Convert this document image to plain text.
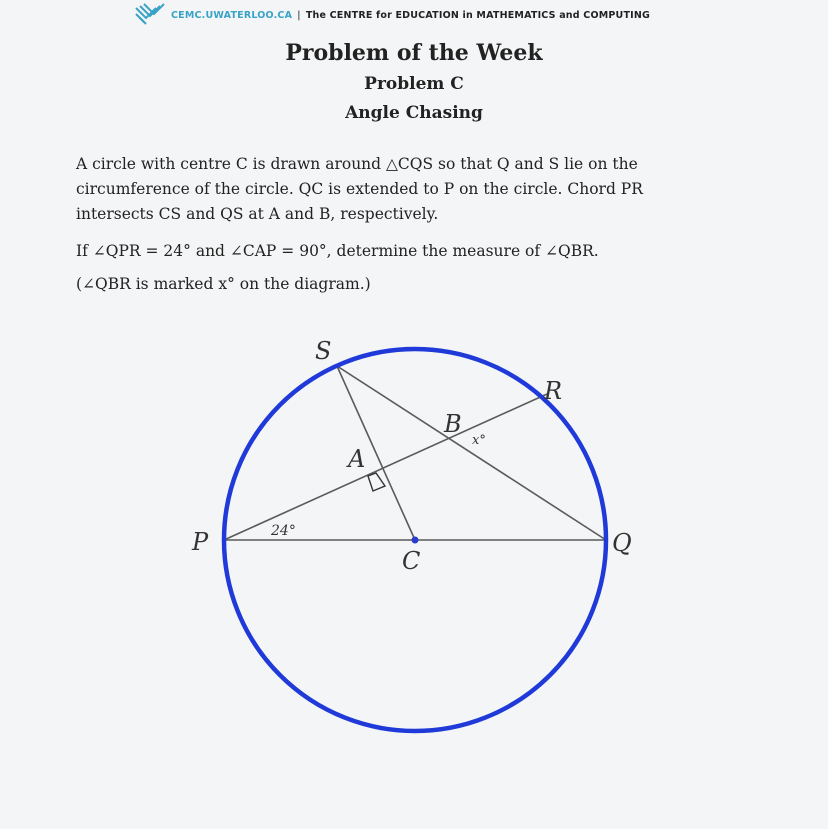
CEMC.UWATERLOO.CA | The CENTRE for EDUCATION in MATHEMATICS and COMPUTING
Problem of the Week
Problem C
Angle Chasing
A circle with centre C is drawn around △CQS so that Q and S lie on the
circumference of the circle. QC is extended to P on the circle. Chord PR
intersects CS and QS at A and B, respectively.
If ∠QPR = 24° and ∠CAP = 90°, determine the measure of ∠QBR.
(∠QBR is marked x° on the diagram.)
S
R
B
A
P
C
Q
24°
x°
